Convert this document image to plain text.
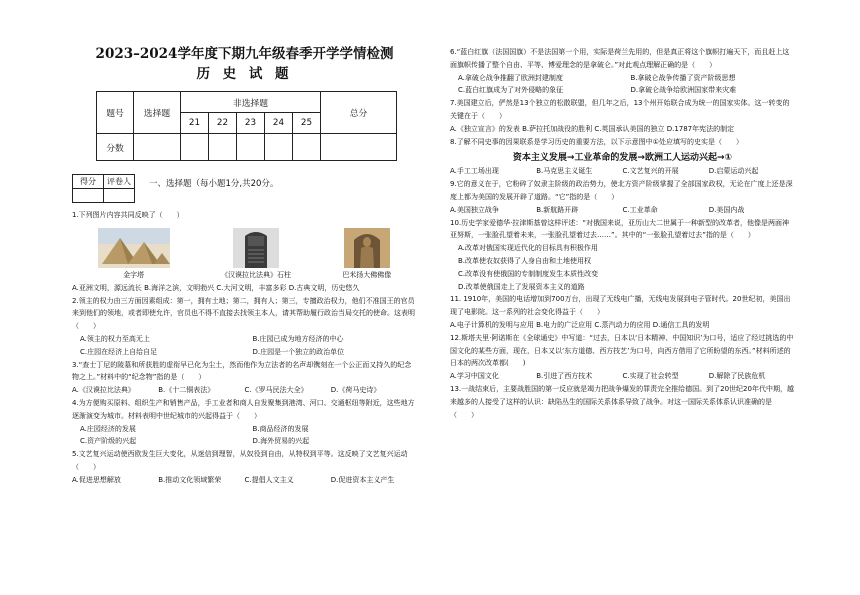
2023–2024学年度下期九年级春季开学学情检测
历 史 试 题
题号	选择题	非选择题					总分
		21	22	23	24	25	
分数							
得分	评卷人
	一、选择题（每小题1分,共20分。
1.下列图片内容共同反映了（　　）
金字塔	《汉谟拉比法典》石柱	巴米扬大佛佛像
A.亚洲文明，源远流长 B.海洋之滨，文明勃兴 C.大河文明，丰富多彩 D.古典文明，历史悠久
2.领主的权力由三方面因素组成：第一，拥有土地；第二，拥有人；第三，专擅政治权力，他们不准国王的官员来到他们的领地，或者即使允许，官员也不得不直接去找领主本人，请其帮助履行政治当局交托的使命。这表明（　　）
A.领主的权力至高无上	B.庄园已成为地方经济的中心
C.庄园在经济上自给自足	D.庄园是一个独立的政治单位
3.“查士丁尼的陵墓和所获胜的虚衔早已化为尘土，然而他作为立法者的名声却镌刻在一个公正而又持久的纪念物之上。”材料中的“纪念物”指的是（　　）
A.《汉谟拉比法典》	B.《十二铜表法》	C.《罗马民法大全》	D.《荷马史诗》
4.为方便购买原料、组织生产和销售产品，手工业者和商人自发聚集到港湾、河口、交通枢纽等附近，这些地方逐渐演变为城市。材料表明中世纪城市的兴起得益于（　　）
A.庄园经济的发展	B.商品经济的发展
C.资产阶级的兴起	D.海外贸易的兴起
5.文艺复兴运动使西欧发生巨大变化，从迷信到理智，从奴役到自由，从特权到平等。这反映了文艺复兴运动（　　）
A.促进思想解放	B.推动文化领域繁荣	C.提倡人文主义	D.促进资本主义产生
6.“蓝白红旗（法国国旗）不是法国第一个用，实际是荷兰先用的，但是真正将这个旗帜打遍天下，而且赶上这面旗帜传播了整个自由、平等、博爱理念的是拿破仑。”对此观点理解正确的是（　　）
A.拿破仑战争推翻了欧洲封建制度	B.拿破仑战争传播了资产阶级思想
C.蓝白红旗成为了对外侵略的象征	D.拿破仑战争给欧洲国家带来灾难
7.美国建立后，俨然是13个独立的松散联盟，但几年之后，13个州开始联合成为统一的国家实体。这一转变的关键在于（　　）
A.《独立宣言》的发表 B.萨拉托加战役的胜利 C.英国承认美国的独立 D.1787年宪法的制定
8.了解不同史事的因果联系是学习历史的重要方法，以下示意图中①处应填写的史实是（　　）
资本主义发展→工业革命的发展→欧洲工人运动兴起→①
A.手工工场出现	B.马克思主义诞生	C.文艺复兴的开展	D.启蒙运动兴起
9.它的意义在于，它粉碎了奴隶主阶级的政治势力，使北方资产阶级掌握了全部国家政权，无论在广度上还是深度上都为美国的发展开辟了道路。“它”指的是（　　）
A.美国独立战争	B.新航路开辟	C.工业革命	D.美国内战
10.历史学家爱德华·拉津斯基曾这样评述：“对俄国来说，亚历山大二世属于一种新型的改革者，他像是两面神亚努斯，一张脸孔望着未来，一张脸孔望着过去……”。其中的“一张脸孔望着过去”指的是（　　）
A.改革对俄国实现近代化的目标具有积极作用
B.改革使农奴获得了人身自由和土地使用权
C.改革没有使俄国的专制制度发生本质性改变
D.改革使俄国走上了发展资本主义的道路
11. 1910年，美国的电话增加到700万台，出现了无线电广播，无线电发展到电子管时代。20世纪初，美国出现了电影院。这一系列的社会变化得益于（　　）
A.电子计算机的发明与应用 B.电力的广泛应用 C.蒸汽动力的应用 D.通信工具的发明
12.斯塔夫里·阿诺斯在《全球通史》中写道：“过去，日本以‘日本精神、中国知识’为口号，适应了经过挑选的中国文化的某些方面，现在，日本又以‘东方道德、西方技艺’为口号，向西方借用了它所盼望的东西。”材料所述的日本的两次改革都(　　)
A.学习中国文化	B.引进了西方技术	C.实现了社会转型	D.解除了民族危机
13.一战结束后，主要战胜国的第一反应就是竭力把战争爆发的罪责完全推给德国。到了20世纪20年代中期，越来越多的人接受了这样的认识：缺陷丛生的国际关系体系导致了战争。对这一国际关系体系认识准确的是（　　）
